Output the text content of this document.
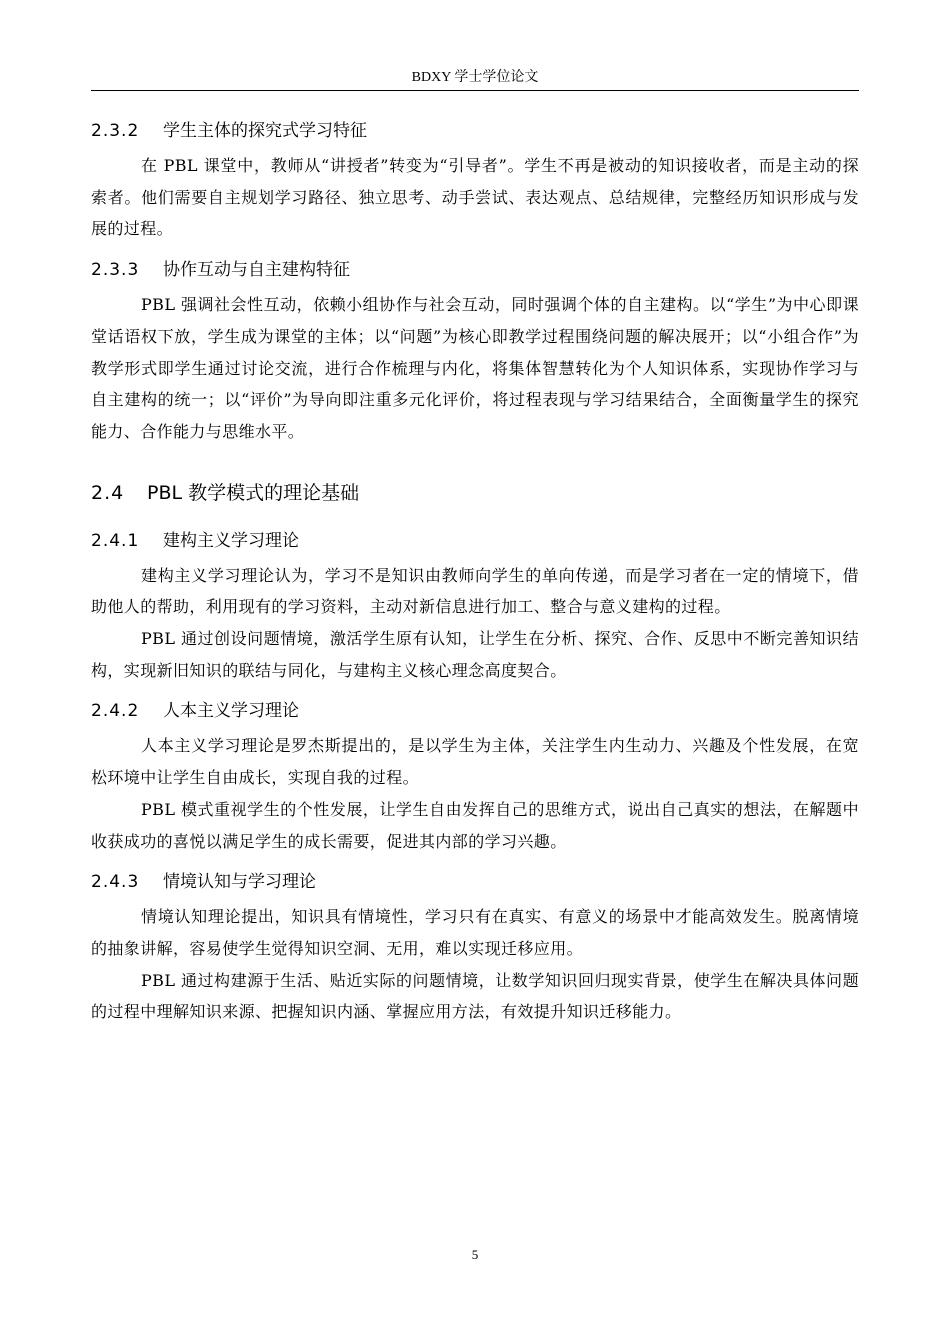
BDXY 学士学位论文
2.3.2 学生主体的探究式学习特征

在 PBL 课堂中，教师从“讲授者”转变为“引导者”。学生不再是被动的知识接收者，而是主动的探索者。他们需要自主规划学习路径、独立思考、动手尝试、表达观点、总结规律，完整经历知识形成与发展的过程。

2.3.3 协作互动与自主建构特征

PBL 强调社会性互动，依赖小组协作与社会互动，同时强调个体的自主建构。以“学生”为中心即课堂话语权下放，学生成为课堂的主体；以“问题”为核心即教学过程围绕问题的解决展开；以“小组合作”为教学形式即学生通过讨论交流，进行合作梳理与内化，将集体智慧转化为个人知识体系，实现协作学习与自主建构的统一；以“评价”为导向即注重多元化评价，将过程表现与学习结果结合，全面衡量学生的探究能力、合作能力与思维水平。

2.4 PBL 教学模式的理论基础
2.4.1 建构主义学习理论

建构主义学习理论认为，学习不是知识由教师向学生的单向传递，而是学习者在一定的情境下，借助他人的帮助，利用现有的学习资料，主动对新信息进行加工、整合与意义建构的过程。

PBL 通过创设问题情境，激活学生原有认知，让学生在分析、探究、合作、反思中不断完善知识结构，实现新旧知识的联结与同化，与建构主义核心理念高度契合。

2.4.2 人本主义学习理论

人本主义学习理论是罗杰斯提出的，是以学生为主体，关注学生内生动力、兴趣及个性发展，在宽松环境中让学生自由成长，实现自我的过程。

PBL 模式重视学生的个性发展，让学生自由发挥自己的思维方式，说出自己真实的想法，在解题中收获成功的喜悦以满足学生的成长需要，促进其内部的学习兴趣。

2.4.3 情境认知与学习理论

情境认知理论提出，知识具有情境性，学习只有在真实、有意义的场景中才能高效发生。脱离情境的抽象讲解，容易使学生觉得知识空洞、无用，难以实现迁移应用。

PBL 通过构建源于生活、贴近实际的问题情境，让数学知识回归现实背景，使学生在解决具体问题的过程中理解知识来源、把握知识内涵、掌握应用方法，有效提升知识迁移能力。

5
